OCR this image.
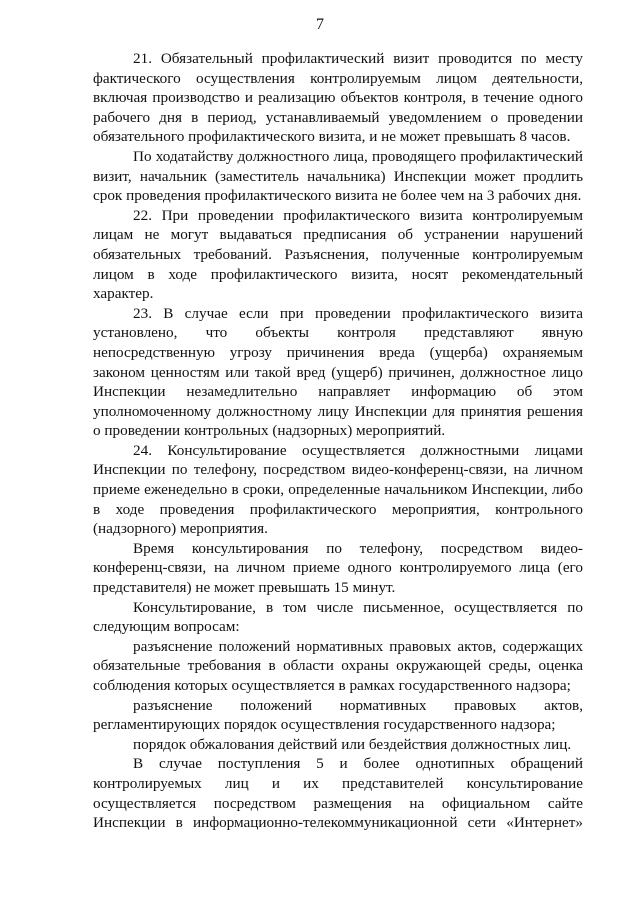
7

21. Обязательный профилактический визит проводится по месту фактического осуществления контролируемым лицом деятельности, включая производство и реализацию объектов контроля, в течение одного рабочего дня в период, устанавливаемый уведомлением о проведении обязательного профилактического визита, и не может превышать 8 часов.

По ходатайству должностного лица, проводящего профилактический визит, начальник (заместитель начальника) Инспекции может продлить срок проведения профилактического визита не более чем на 3 рабочих дня.

22. При проведении профилактического визита контролируемым лицам не могут выдаваться предписания об устранении нарушений обязательных требований. Разъяснения, полученные контролируемым лицом в ходе профилактического визита, носят рекомендательный характер.

23. В случае если при проведении профилактического визита установлено, что объекты контроля представляют явную непосредственную угрозу причинения вреда (ущерба) охраняемым законом ценностям или такой вред (ущерб) причинен, должностное лицо Инспекции незамедлительно направляет информацию об этом уполномоченному должностному лицу Инспекции для принятия решения о проведении контрольных (надзорных) мероприятий.

24. Консультирование осуществляется должностными лицами Инспекции по телефону, посредством видео-конференц-связи, на личном приеме еженедельно в сроки, определенные начальником Инспекции, либо в ходе проведения профилактического мероприятия, контрольного (надзорного) мероприятия.

Время консультирования по телефону, посредством видео-конференц-связи, на личном приеме одного контролируемого лица (его представителя) не может превышать 15 минут.

Консультирование, в том числе письменное, осуществляется по следующим вопросам:

разъяснение положений нормативных правовых актов, содержащих обязательные требования в области охраны окружающей среды, оценка соблюдения которых осуществляется в рамках государственного надзора;

разъяснение положений нормативных правовых актов, регламентирующих порядок осуществления государственного надзора;

порядок обжалования действий или бездействия должностных лиц.

В случае поступления 5 и более однотипных обращений контролируемых лиц и их представителей консультирование осуществляется посредством размещения на официальном сайте Инспекции в информационно-телекоммуникационной сети «Интернет»
